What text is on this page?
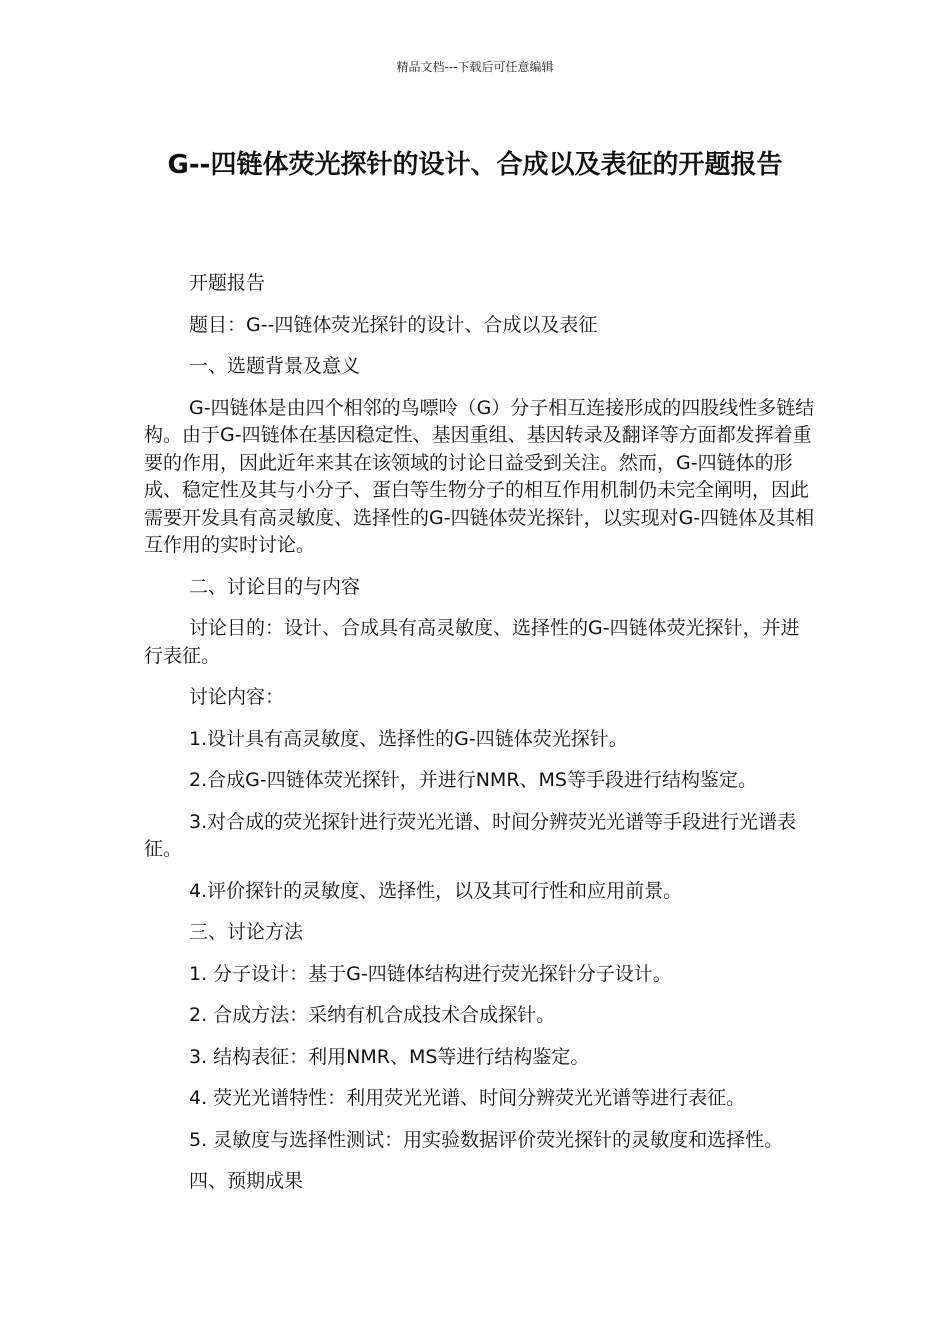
精品文档---下载后可任意编辑
G--四链体荧光探针的设计、合成以及表征的开题报告

开题报告

题目：G--四链体荧光探针的设计、合成以及表征

一、选题背景及意义

G-四链体是由四个相邻的鸟嘌呤（G）分子相互连接形成的四股线性多链结构。由于G-四链体在基因稳定性、基因重组、基因转录及翻译等方面都发挥着重要的作用，因此近年来其在该领域的讨论日益受到关注。然而，G-四链体的形成、稳定性及其与小分子、蛋白等生物分子的相互作用机制仍未完全阐明，因此需要开发具有高灵敏度、选择性的G-四链体荧光探针，以实现对G-四链体及其相互作用的实时讨论。

二、讨论目的与内容

讨论目的：设计、合成具有高灵敏度、选择性的G-四链体荧光探针，并进行表征。

讨论内容：

1.设计具有高灵敏度、选择性的G-四链体荧光探针。

2.合成G-四链体荧光探针，并进行NMR、MS等手段进行结构鉴定。

3.对合成的荧光探针进行荧光光谱、时间分辨荧光光谱等手段进行光谱表征。

4.评价探针的灵敏度、选择性，以及其可行性和应用前景。

三、讨论方法

1. 分子设计：基于G-四链体结构进行荧光探针分子设计。

2. 合成方法：采纳有机合成技术合成探针。

3. 结构表征：利用NMR、MS等进行结构鉴定。

4. 荧光光谱特性：利用荧光光谱、时间分辨荧光光谱等进行表征。

5. 灵敏度与选择性测试：用实验数据评价荧光探针的灵敏度和选择性。

四、预期成果
